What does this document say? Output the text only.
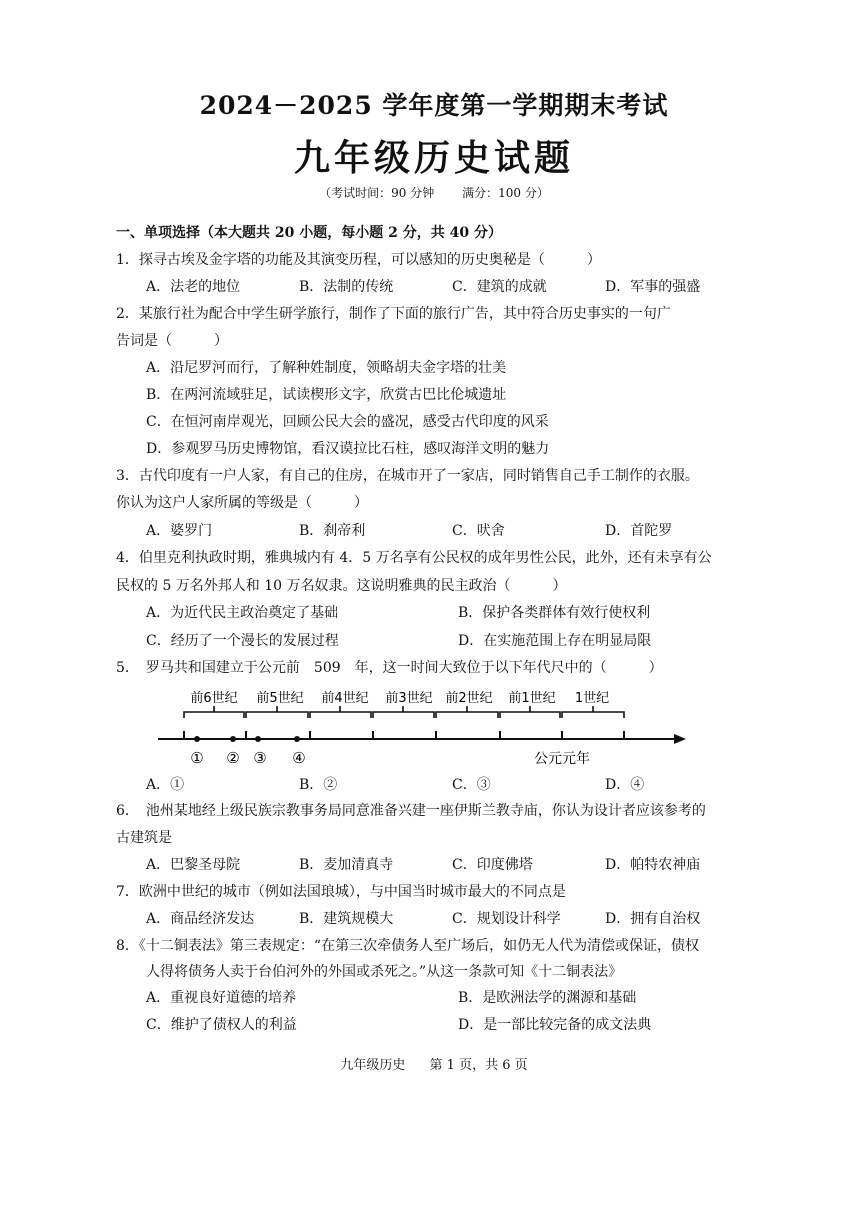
2024－2025 学年度第一学期期末考试
九年级历史试题
（考试时间：90 分钟 满分：100 分）
一、单项选择（本大题共 20 小题，每小题 2 分，共 40 分）
1．探寻古埃及金字塔的功能及其演变历程，可以感知的历史奥秘是（　　　）
A．法老的地位	B．法制的传统	C．建筑的成就	D．军事的强盛
2．某旅行社为配合中学生研学旅行，制作了下面的旅行广告，其中符合历史事实的一句广
告词是（　　　）
A．沿尼罗河而行，了解种姓制度，领略胡夫金字塔的壮美
B．在两河流域驻足，试读楔形文字，欣赏古巴比伦城遗址
C．在恒河南岸观光，回顾公民大会的盛况，感受古代印度的风采
D．参观罗马历史博物馆，看汉谟拉比石柱，感叹海洋文明的魅力
3．古代印度有一户人家，有自己的住房，在城市开了一家店，同时销售自己手工制作的衣服。
你认为这户人家所属的等级是（　　　）
A．婆罗门	B．刹帝利	C．吠舍	D．首陀罗
4．伯里克利执政时期，雅典城内有 4．5 万名享有公民权的成年男性公民，此外，还有未享有公
民权的 5 万名外邦人和 10 万名奴隶。这说明雅典的民主政治（　　　）
A．为近代民主政治奠定了基础	B．保护各类群体有效行使权利
C．经历了一个漫长的发展过程	D．在实施范围上存在明显局限
5．　罗马共和国建立于公元前　509　年，这一时间大致位于以下年代尺中的（　　　）
前6世纪 前5世纪 前4世纪 前3世纪 前2世纪 前1世纪 1世纪
① ② ③ ④	公元元年
A．①	B．②	C．③	D．④
6．　池州某地经上级民族宗教事务局同意准备兴建一座伊斯兰教寺庙，你认为设计者应该参考的
古建筑是
A．巴黎圣母院	B．麦加清真寺	C．印度佛塔	D．帕特农神庙
7．欧洲中世纪的城市（例如法国琅城），与中国当时城市最大的不同点是
A．商品经济发达	B．建筑规模大	C．规划设计科学	D．拥有自治权
8．《十二铜表法》第三表规定：“在第三次牵债务人至广场后，如仍无人代为清偿或保证，债权
人得将债务人卖于台伯河外的外国或杀死之。”从这一条款可知《十二铜表法》
A．重视良好道德的培养	B．是欧洲法学的渊源和基础
C．维护了债权人的利益	D．是一部比较完备的成文法典
九年级历史 第 1 页，共 6 页
